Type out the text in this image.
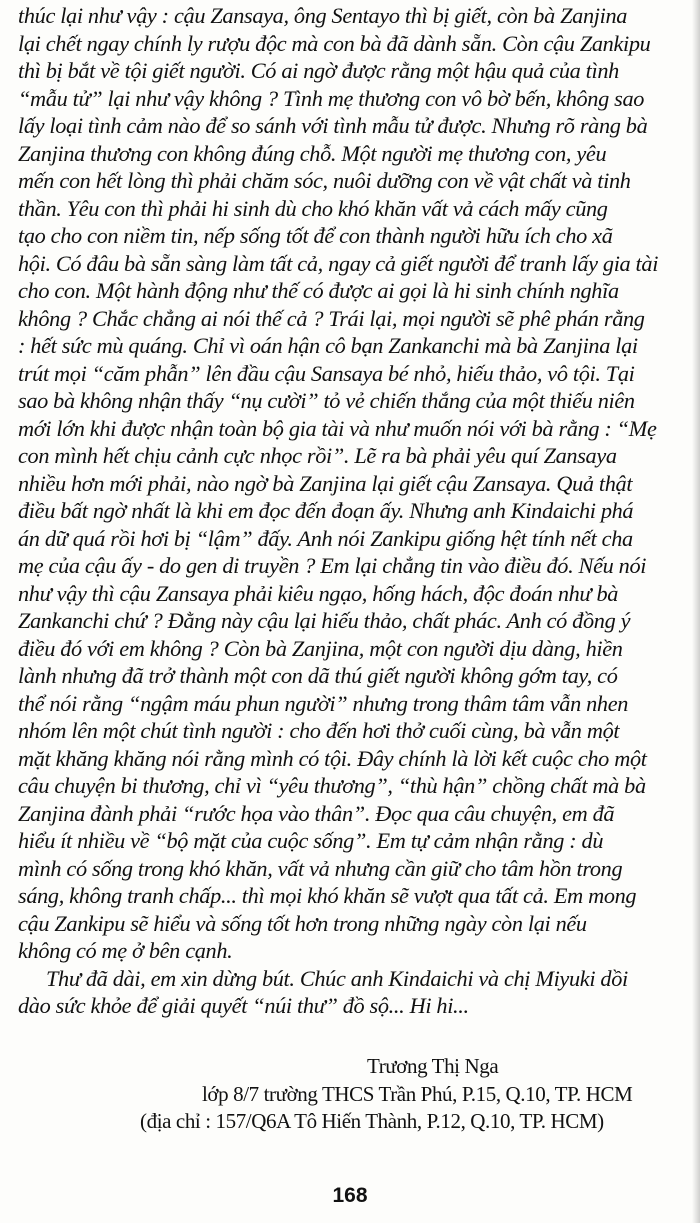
thúc lại như vậy : cậu Zansaya, ông Sentayo thì bị giết, còn bà Zanjina
lại chết ngay chính ly rượu độc mà con bà đã dành sẵn. Còn cậu Zankipu
thì bị bắt về tội giết người. Có ai ngờ được rằng một hậu quả của tình
“mẫu tử” lại như vậy không ? Tình mẹ thương con vô bờ bến, không sao
lấy loại tình cảm nào để so sánh với tình mẫu tử được. Nhưng rõ ràng bà
Zanjina thương con không đúng chỗ. Một người mẹ thương con, yêu
mến con hết lòng thì phải chăm sóc, nuôi dưỡng con về vật chất và tinh
thần. Yêu con thì phải hi sinh dù cho khó khăn vất vả cách mấy cũng
tạo cho con niềm tin, nếp sống tốt để con thành người hữu ích cho xã
hội. Có đâu bà sẵn sàng làm tất cả, ngay cả giết người để tranh lấy gia tài
cho con. Một hành động như thế có được ai gọi là hi sinh chính nghĩa
không ? Chắc chẳng ai nói thế cả ? Trái lại, mọi người sẽ phê phán rằng
: hết sức mù quáng. Chỉ vì oán hận cô bạn Zankanchi mà bà Zanjina lại
trút mọi “căm phẫn” lên đầu cậu Sansaya bé nhỏ, hiếu thảo, vô tội. Tại
sao bà không nhận thấy “nụ cười” tỏ vẻ chiến thắng của một thiếu niên
mới lớn khi được nhận toàn bộ gia tài và như muốn nói với bà rằng : “Mẹ
con mình hết chịu cảnh cực nhọc rồi”. Lẽ ra bà phải yêu quí Zansaya
nhiều hơn mới phải, nào ngờ bà Zanjina lại giết cậu Zansaya. Quả thật
điều bất ngờ nhất là khi em đọc đến đoạn ấy. Nhưng anh Kindaichi phá
án dữ quá rồi hơi bị “lậm” đấy. Anh nói Zankipu giống hệt tính nết cha
mẹ của cậu ấy - do gen di truyền ? Em lại chẳng tin vào điều đó. Nếu nói
như vậy thì cậu Zansaya phải kiêu ngạo, hống hách, độc đoán như bà
Zankanchi chứ ? Đằng này cậu lại hiếu thảo, chất phác. Anh có đồng ý
điều đó với em không ? Còn bà Zanjina, một con người dịu dàng, hiền
lành nhưng đã trở thành một con dã thú giết người không gớm tay, có
thể nói rằng “ngậm máu phun người” nhưng trong thâm tâm vẫn nhen
nhóm lên một chút tình người : cho đến hơi thở cuối cùng, bà vẫn một
mặt khăng khăng nói rằng mình có tội. Đây chính là lời kết cuộc cho một
câu chuyện bi thương, chỉ vì “yêu thương”, “thù hận” chồng chất mà bà
Zanjina đành phải “rước họa vào thân”. Đọc qua câu chuyện, em đã
hiểu ít nhiều về “bộ mặt của cuộc sống”. Em tự cảm nhận rằng : dù
mình có sống trong khó khăn, vất vả nhưng cần giữ cho tâm hồn trong
sáng, không tranh chấp... thì mọi khó khăn sẽ vượt qua tất cả. Em mong
cậu Zankipu sẽ hiểu và sống tốt hơn trong những ngày còn lại nếu
không có mẹ ở bên cạnh.
Thư đã dài, em xin dừng bút. Chúc anh Kindaichi và chị Miyuki dồi
dào sức khỏe để giải quyết “núi thư” đồ sộ... Hi hi...
Trương Thị Nga
lớp 8/7 trường THCS Trần Phú, P.15, Q.10, TP. HCM
(địa chỉ : 157/Q6A Tô Hiến Thành, P.12, Q.10, TP. HCM)
168
